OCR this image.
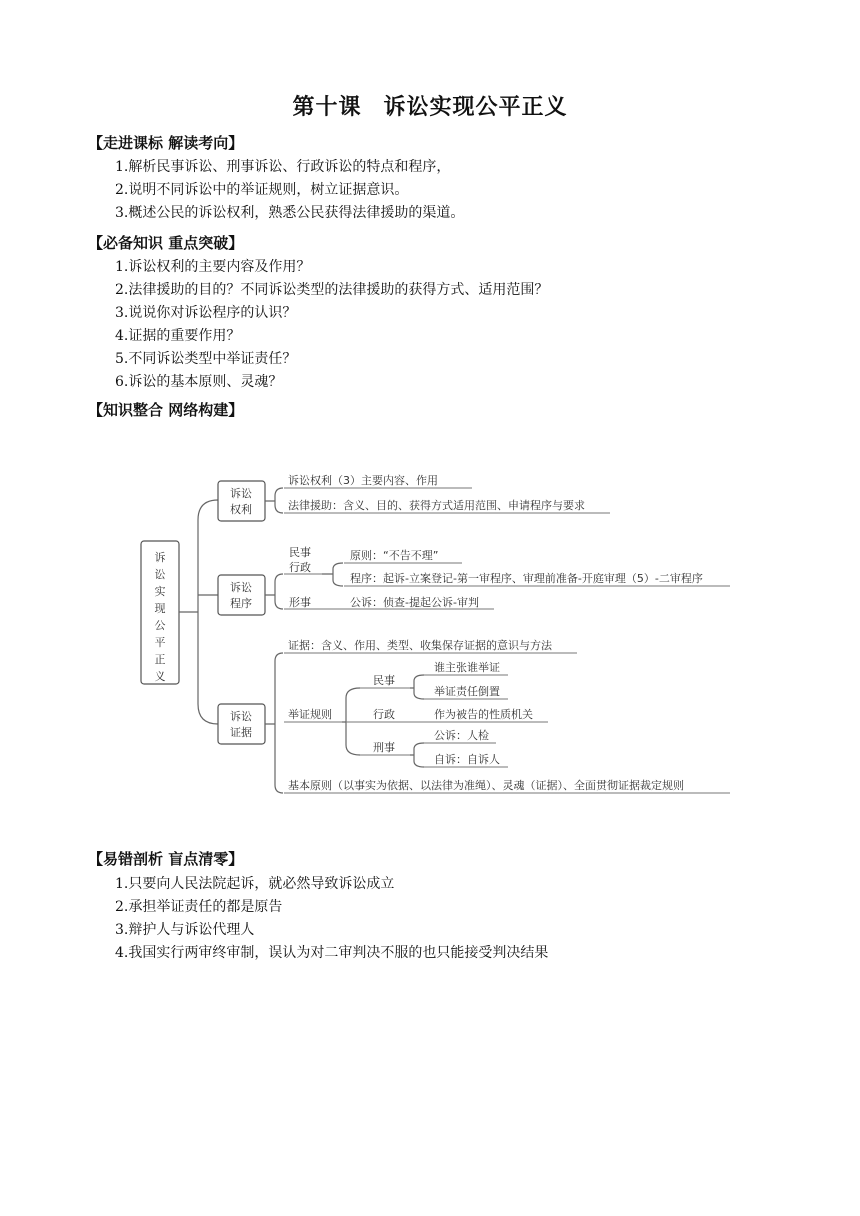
第十课 诉讼实现公平正义
【走进课标 解读考向】
1.解析民事诉讼、刑事诉讼、行政诉讼的特点和程序，
2.说明不同诉讼中的举证规则，树立证据意识。
3.概述公民的诉讼权利，熟悉公民获得法律援助的渠道。
【必备知识 重点突破】
1.诉讼权利的主要内容及作用？
2.法律援助的目的？不同诉讼类型的法律援助的获得方式、适用范围？
3.说说你对诉讼程序的认识？
4.证据的重要作用？
5.不同诉讼类型中举证责任？
6.诉讼的基本原则、灵魂？
【知识整合 网络构建】
诉
讼
实
现
公
平
正
义
诉讼
权利
诉讼
程序
诉讼
证据
诉讼权利（3）主要内容、作用
法律援助：含义、目的、获得方式适用范围、申请程序与要求
民事
行政
原则：“不告不理”
程序：起诉-立案登记-第一审程序、审理前准备-开庭审理（5）-二审程序
形事	公诉：侦查-提起公诉-审判
证据：含义、作用、类型、收集保存证据的意识与方法
举证规则
民事
谁主张谁举证
举证责任倒置
行政	作为被告的性质机关
刑事
公诉：人检
自诉：自诉人
基本原则（以事实为依据、以法律为准绳）、灵魂（证据）、全面贯彻证据裁定规则
【易错剖析 盲点清零】
1.只要向人民法院起诉，就必然导致诉讼成立
2.承担举证责任的都是原告
3.辩护人与诉讼代理人
4.我国实行两审终审制，误认为对二审判决不服的也只能接受判决结果
